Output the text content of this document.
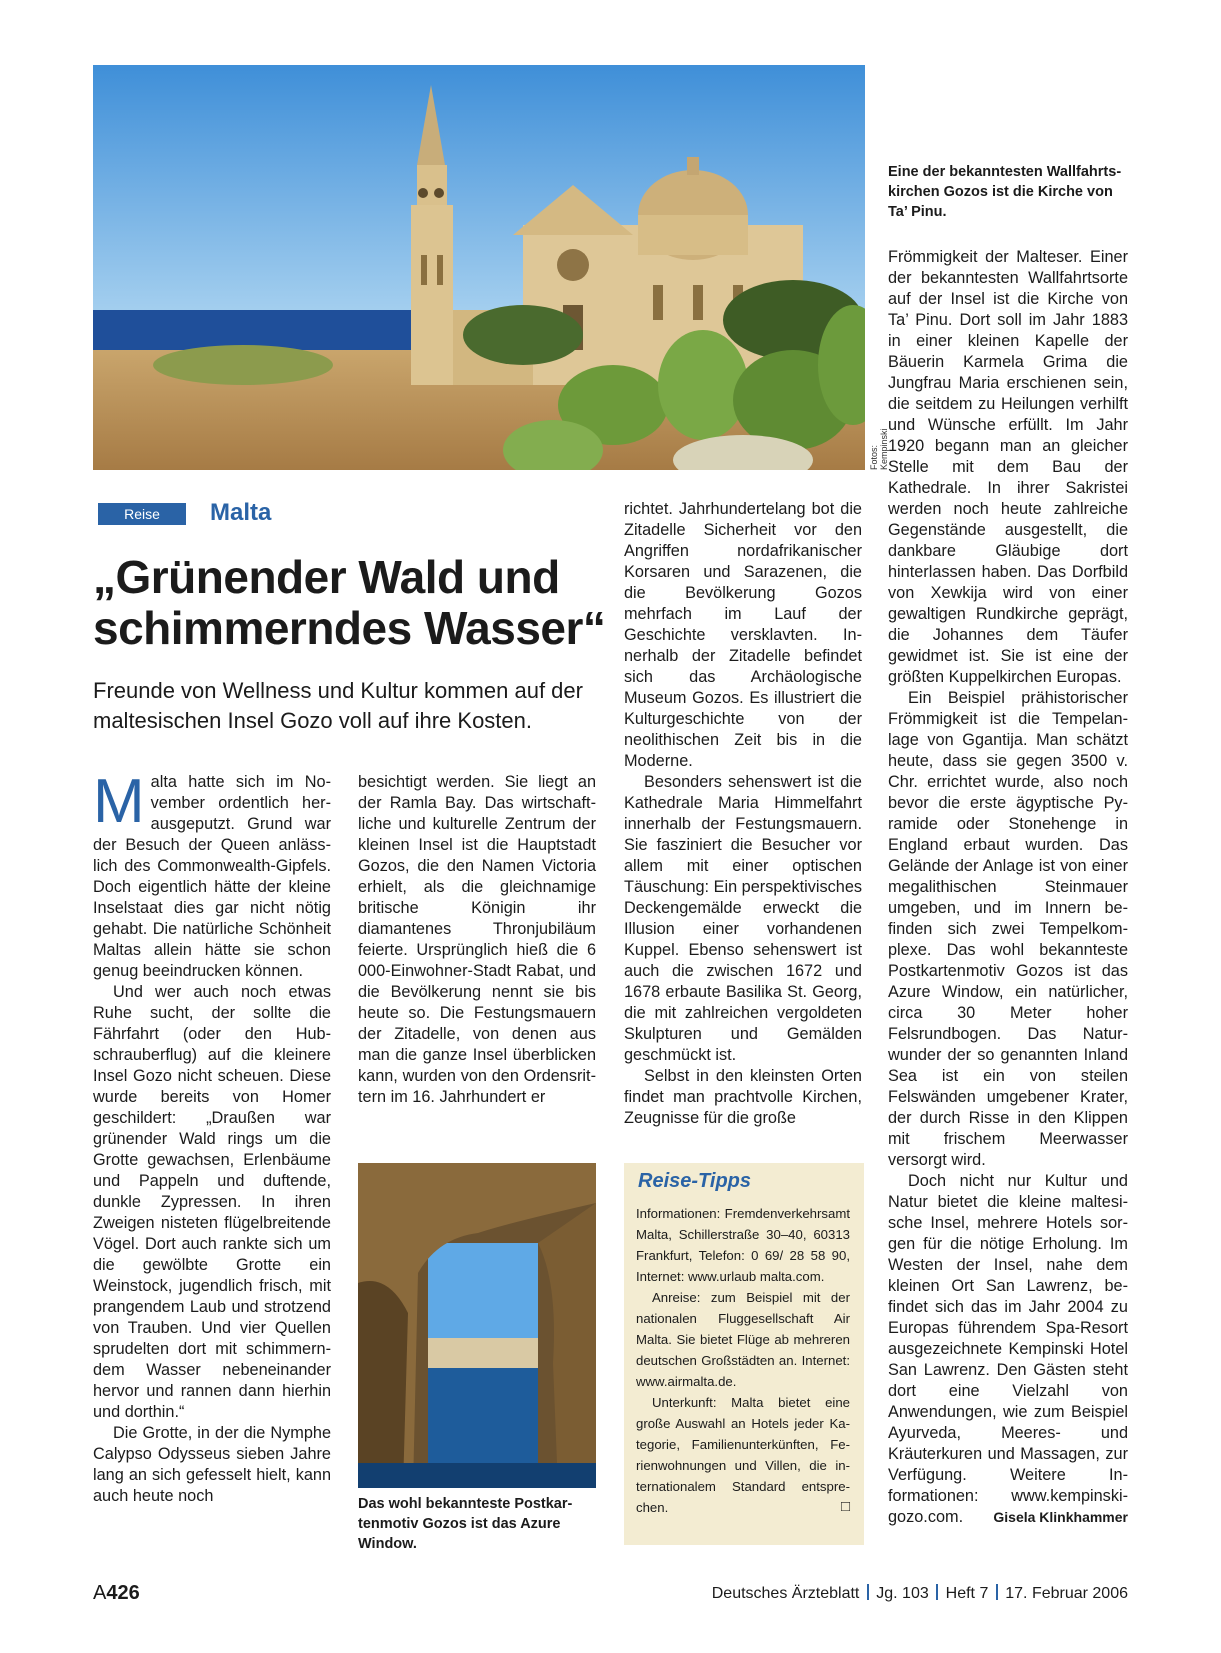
Fotos: Kempinski
Eine der bekanntesten Wallfahrtskirchen Gozos ist die Kirche von Ta’ Pinu.
Reise	Malta
„Grünender Wald und schimmerndes Wasser“
Freunde von Wellness und Kultur kommen auf der maltesischen Insel Gozo voll auf ihre Kosten.

Malta hatte sich im November ordentlich herausgeputzt. Grund war der Besuch der Queen anlässlich des Commonwealth-Gipfels. Doch eigentlich hätte der kleine Inselstaat dies gar nicht nötig gehabt. Die natürliche Schönheit Maltas allein hätte sie schon genug beeindrucken können.

Und wer auch noch etwas Ruhe sucht, der sollte die Fährfahrt (oder den Hubschrauberflug) auf die kleinere Insel Gozo nicht scheuen. Diese wurde bereits von Homer geschildert: „Draußen war grünender Wald rings um die Grotte gewachsen, Erlenbäume und Pappeln und duftende, dunkle Zypressen. In ihren Zweigen nisteten flügelbreitende Vögel. Dort auch rankte sich um die gewölbte Grotte ein Weinstock, jugendlich frisch, mit prangendem Laub und strotzend von Trauben. Und vier Quellen sprudelten dort mit schimmerndem Wasser nebeneinander hervor und rannen dann hierhin und dorthin.“

Die Grotte, in der die Nymphe Calypso Odysseus sieben Jahre lang an sich gefesselt hielt, kann auch heute noch

besichtigt werden. Sie liegt an der Ramla Bay. Das wirtschaftliche und kulturelle Zentrum der kleinen Insel ist die Hauptstadt Gozos, die den Namen Victoria erhielt, als die gleichnamige britische Königin ihr diamantenes Thronjubiläum feierte. Ursprünglich hieß die 6 000-Einwohner-Stadt Rabat, und die Bevölkerung nennt sie bis heute so. Die Festungsmauern der Zitadelle, von denen aus man die ganze Insel überblicken kann, wurden von den Ordensrittern im 16. Jahrhundert er

Das wohl bekannteste Postkartenmotiv Gozos ist das Azure Window.

richtet. Jahrhundertelang bot die Zitadelle Sicherheit vor den Angriffen nordafrikanischer Korsaren und Sarazenen, die die Bevölkerung Gozos mehrfach im Lauf der Geschichte versklavten. Innerhalb der Zitadelle befindet sich das Archäologische Museum Gozos. Es illustriert die Kulturgeschichte von der neolithischen Zeit bis in die Moderne.

Besonders sehenswert ist die Kathedrale Maria Himmelfahrt innerhalb der Festungsmauern. Sie fasziniert die Besucher vor allem mit einer optischen Täuschung: Ein perspektivisches Deckengemälde erweckt die Illusion einer vorhandenen Kuppel. Ebenso sehenswert ist auch die zwischen 1672 und 1678 erbaute Basilika St. Georg, die mit zahlreichen vergoldeten Skulpturen und Gemälden geschmückt ist.

Selbst in den kleinsten Orten findet man prachtvolle Kirchen, Zeugnisse für die große

Reise-Tipps

Informationen: Fremdenverkehrsamt Malta, Schillerstraße 30–40, 60313 Frankfurt, Telefon: 0 69/ 28 58 90, Internet: www.urlaub malta.com.

Anreise: zum Beispiel mit der nationalen Fluggesellschaft Air Malta. Sie bietet Flüge ab mehreren deutschen Großstädten an. Internet: www.airmalta.de.

Unterkunft: Malta bietet eine große Auswahl an Hotels jeder Kategorie, Familienunterkünften, Ferienwohnungen und Villen, die internationalem Standard entsprechen.	□

Frömmigkeit der Malteser. Einer der bekanntesten Wallfahrtsorte auf der Insel ist die Kirche von Ta’ Pinu. Dort soll im Jahr 1883 in einer kleinen Kapelle der Bäuerin Karmela Grima die Jungfrau Maria erschienen sein, die seitdem zu Heilungen verhilft und Wünsche erfüllt. Im Jahr 1920 begann man an gleicher Stelle mit dem Bau der Kathedrale. In ihrer Sakristei werden noch heute zahlreiche Gegenstände ausgestellt, die dankbare Gläubige dort hinterlassen haben. Das Dorfbild von Xewkija wird von einer gewaltigen Rundkirche geprägt, die Johannes dem Täufer gewidmet ist. Sie ist eine der größten Kuppelkirchen Europas.

Ein Beispiel prähistorischer Frömmigkeit ist die Tempelanlage von Ggantija. Man schätzt heute, dass sie gegen 3500 v. Chr. errichtet wurde, also noch bevor die erste ägyptische Pyramide oder Stonehenge in England erbaut wurden. Das Gelände der Anlage ist von einer megalithischen Steinmauer umgeben, und im Innern befinden sich zwei Tempelkomplexe. Das wohl bekannteste Postkartenmotiv Gozos ist das Azure Window, ein natürlicher, circa 30 Meter hoher Felsrundbogen. Das Naturwunder der so genannten Inland Sea ist ein von steilen Felswänden umgebener Krater, der durch Risse in den Klippen mit frischem Meerwasser versorgt wird.

Doch nicht nur Kultur und Natur bietet die kleine maltesische Insel, mehrere Hotels sorgen für die nötige Erholung. Im Westen der Insel, nahe dem kleinen Ort San Lawrenz, befindet sich das im Jahr 2004 zu Europas führendem Spa-Resort ausgezeichnete Kempinski Hotel San Lawrenz. Den Gästen steht dort eine Vielzahl von Anwendungen, wie zum Beispiel Ayurveda, Meeres- und Kräuterkuren und Massagen, zur Verfügung. Weitere Informationen: www.kempinski-gozo.com.	Gisela Klinkhammer

A426	Deutsches Ärzteblatt Jg. 103 Heft 7 17. Februar 2006
